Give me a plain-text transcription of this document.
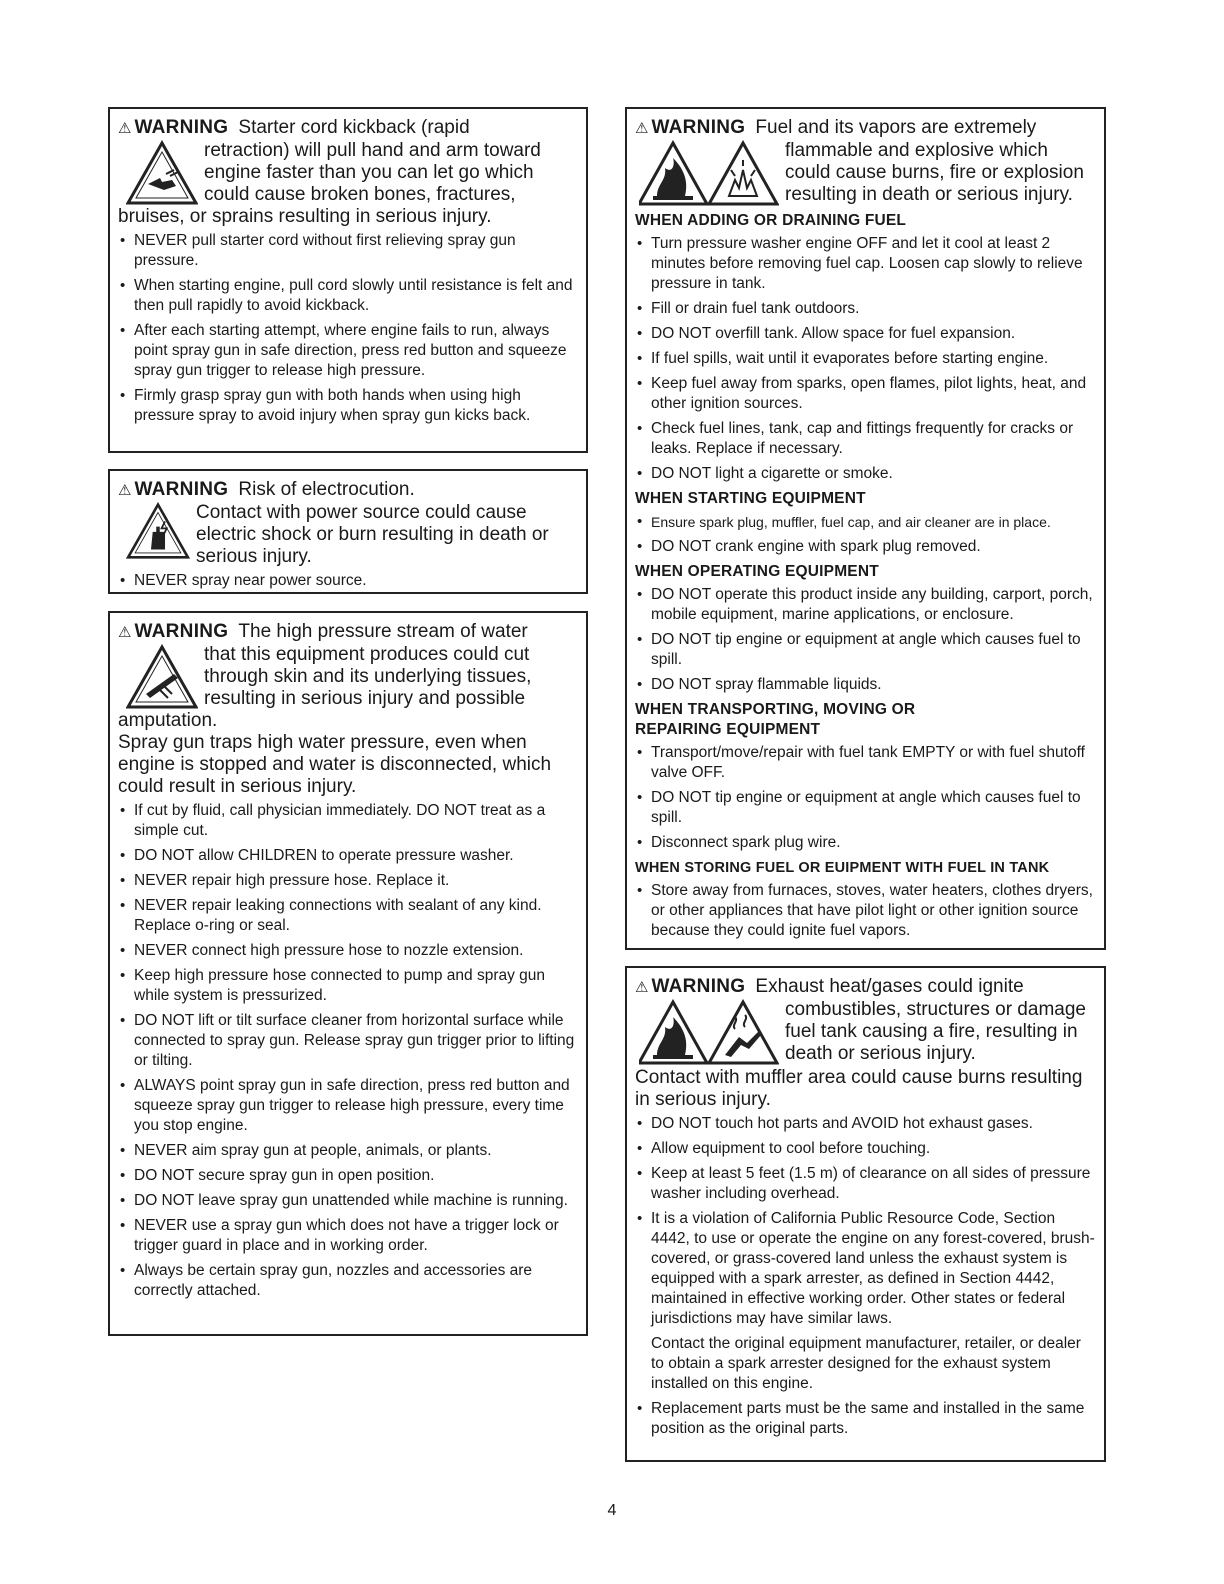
⚠ WARNING Starter cord kickback (rapid

retraction) will pull hand and arm toward engine faster than you can let go which could cause broken bones, fractures,

bruises, or sprains resulting in serious injury.

• NEVER pull starter cord without first relieving spray gun pressure.
• When starting engine, pull cord slowly until resistance is felt and then pull rapidly to avoid kickback.
• After each starting attempt, where engine fails to run, always point spray gun in safe direction, press red button and squeeze spray gun trigger to release high pressure.
• Firmly grasp spray gun with both hands when using high pressure spray to avoid injury when spray gun kicks back.

⚠ WARNING Risk of electrocution.

Contact with power source could cause electric shock or burn resulting in death or serious injury.

• NEVER spray near power source.

⚠ WARNING The high pressure stream of water

that this equipment produces could cut through skin and its underlying tissues, resulting in serious injury and possible

amputation.

Spray gun traps high water pressure, even when engine is stopped and water is disconnected, which could result in serious injury.

• If cut by fluid, call physician immediately. DO NOT treat as a simple cut.
• DO NOT allow CHILDREN to operate pressure washer.
• NEVER repair high pressure hose. Replace it.
• NEVER repair leaking connections with sealant of any kind. Replace o-ring or seal.
• NEVER connect high pressure hose to nozzle extension.
• Keep high pressure hose connected to pump and spray gun while system is pressurized.
• DO NOT lift or tilt surface cleaner from horizontal surface while connected to spray gun. Release spray gun trigger prior to lifting or tilting.
• ALWAYS point spray gun in safe direction, press red button and squeeze spray gun trigger to release high pressure, every time you stop engine.
• NEVER aim spray gun at people, animals, or plants.
• DO NOT secure spray gun in open position.
• DO NOT leave spray gun unattended while machine is running.
• NEVER use a spray gun which does not have a trigger lock or trigger guard in place and in working order.
• Always be certain spray gun, nozzles and accessories are correctly attached.

⚠ WARNING Fuel and its vapors are extremely

flammable and explosive which could cause burns, fire or explosion resulting in death or serious injury.

WHEN ADDING OR DRAINING FUEL
• Turn pressure washer engine OFF and let it cool at least 2 minutes before removing fuel cap. Loosen cap slowly to relieve pressure in tank.
• Fill or drain fuel tank outdoors.
• DO NOT overfill tank. Allow space for fuel expansion.
• If fuel spills, wait until it evaporates before starting engine.
• Keep fuel away from sparks, open flames, pilot lights, heat, and other ignition sources.
• Check fuel lines, tank, cap and fittings frequently for cracks or leaks. Replace if necessary.
• DO NOT light a cigarette or smoke.
WHEN STARTING EQUIPMENT
• Ensure spark plug, muffler, fuel cap, and air cleaner are in place.
• DO NOT crank engine with spark plug removed.
WHEN OPERATING EQUIPMENT
• DO NOT operate this product inside any building, carport, porch, mobile equipment, marine applications, or enclosure.
• DO NOT tip engine or equipment at angle which causes fuel to spill.
• DO NOT spray flammable liquids.
WHEN TRANSPORTING, MOVING OR REPAIRING EQUIPMENT
• Transport/move/repair with fuel tank EMPTY or with fuel shutoff valve OFF.
• DO NOT tip engine or equipment at angle which causes fuel to spill.
• Disconnect spark plug wire.
WHEN STORING FUEL OR EUIPMENT WITH FUEL IN TANK
• Store away from furnaces, stoves, water heaters, clothes dryers, or other appliances that have pilot light or other ignition source because they could ignite fuel vapors.

⚠ WARNING Exhaust heat/gases could ignite

combustibles, structures or damage fuel tank causing a fire, resulting in death or serious injury.

Contact with muffler area could cause burns resulting in serious injury.

• DO NOT touch hot parts and AVOID hot exhaust gases.
• Allow equipment to cool before touching.
• Keep at least 5 feet (1.5 m) of clearance on all sides of pressure washer including overhead.
• It is a violation of California Public Resource Code, Section 4442, to use or operate the engine on any forest-covered, brush-covered, or grass-covered land unless the exhaust system is equipped with a spark arrester, as defined in Section 4442, maintained in effective working order. Other states or federal jurisdictions may have similar laws.
Contact the original equipment manufacturer, retailer, or dealer to obtain a spark arrester designed for the exhaust system installed on this engine.
• Replacement parts must be the same and installed in the same position as the original parts.
4
